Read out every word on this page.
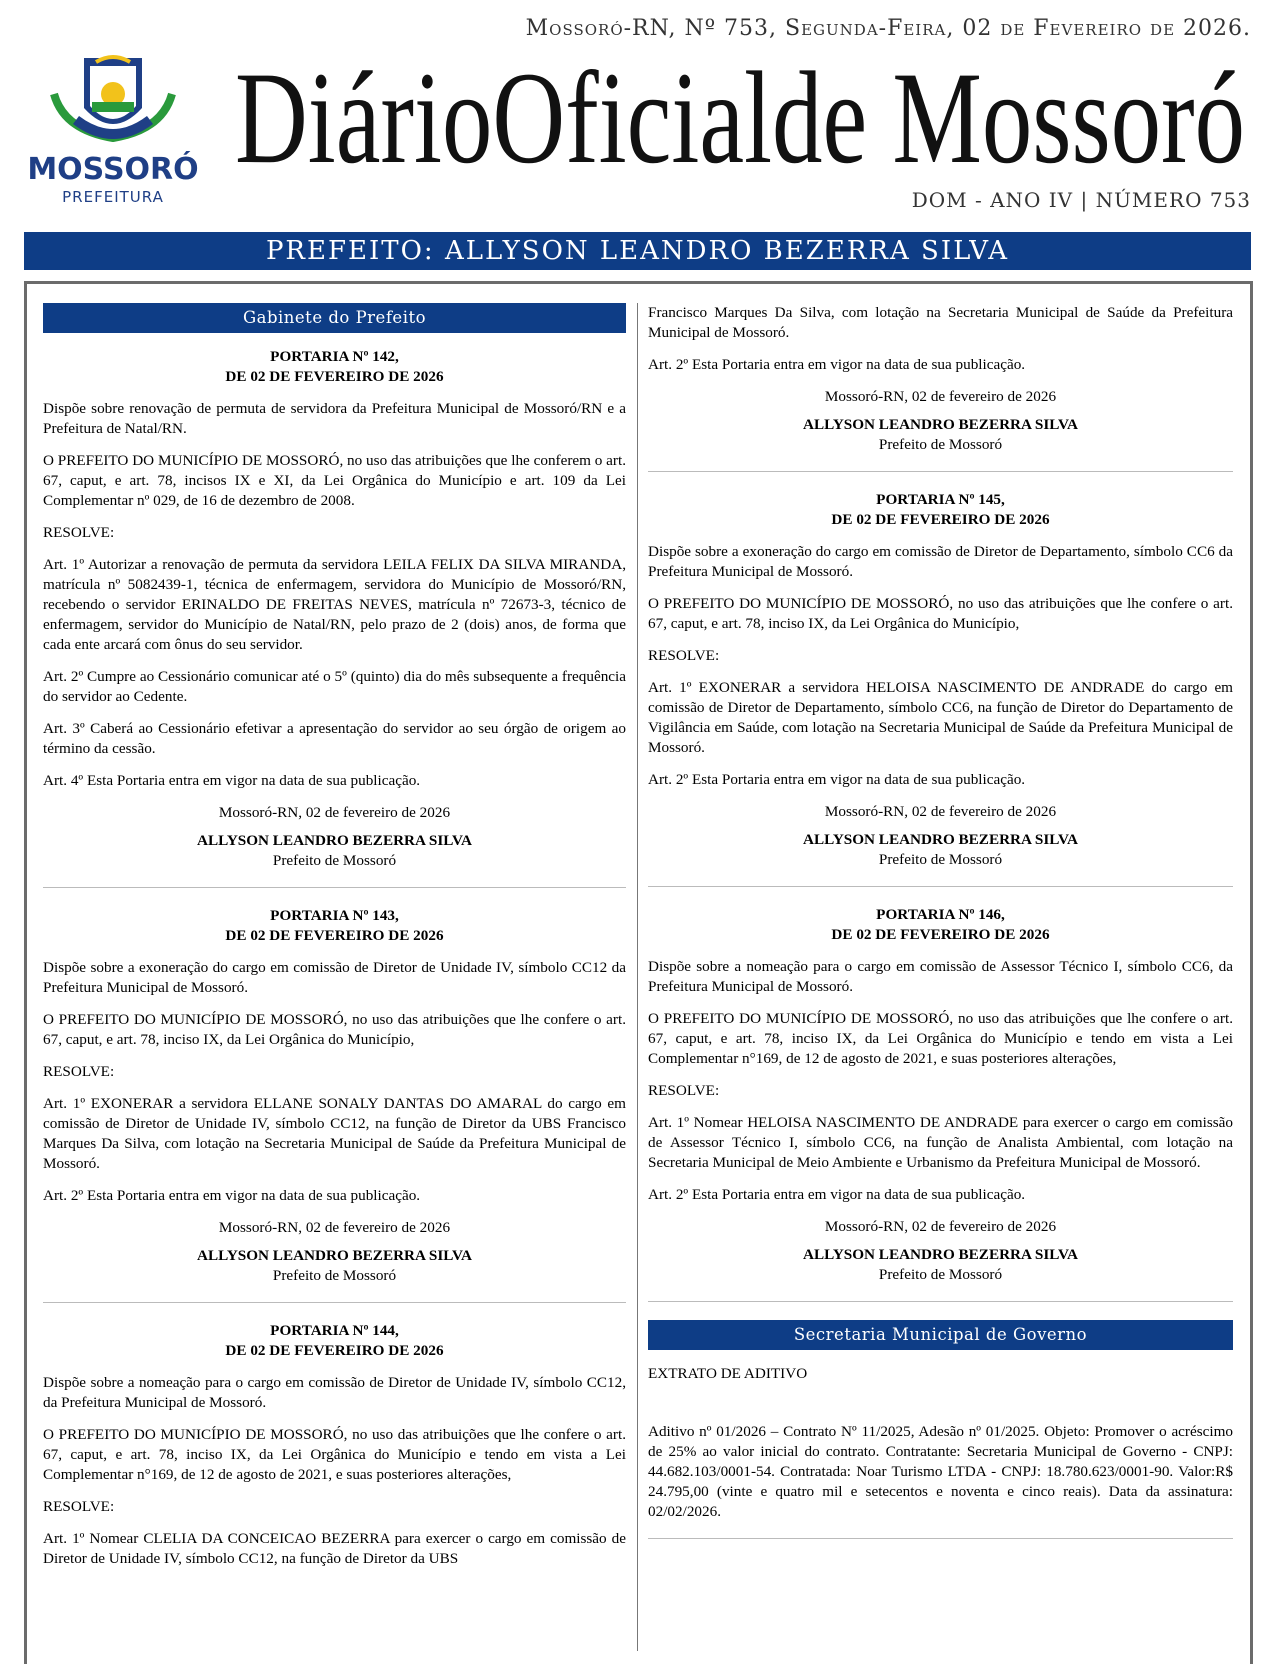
Mossoró-RN, Nº 753, Segunda-Feira, 02 de Fevereiro de 2026.
MOSSORÓ
PREFEITURA
DiárioOficialde Mossoró
DOM - ANO IV | NÚMERO 753
PREFEITO: ALLYSON LEANDRO BEZERRA SILVA
Gabinete do Prefeito
PORTARIA Nº 142,
DE 02 DE FEVEREIRO DE 2026

Dispõe sobre renovação de permuta de servidora da Prefeitura Municipal de Mossoró/RN e a Prefeitura de Natal/RN.

O PREFEITO DO MUNICÍPIO DE MOSSORÓ, no uso das atribuições que lhe conferem o art. 67, caput, e art. 78, incisos IX e XI, da Lei Orgânica do Município e art. 109 da Lei Complementar nº 029, de 16 de dezembro de 2008.

RESOLVE:

Art. 1º Autorizar a renovação de permuta da servidora LEILA FELIX DA SILVA MIRANDA, matrícula nº 5082439-1, técnica de enfermagem, servidora do Município de Mossoró/RN, recebendo o servidor ERINALDO DE FREITAS NEVES, matrícula nº 72673-3, técnico de enfermagem, servidor do Município de Natal/RN, pelo prazo de 2 (dois) anos, de forma que cada ente arcará com ônus do seu servidor.

Art. 2º Cumpre ao Cessionário comunicar até o 5º (quinto) dia do mês subsequente a frequência do servidor ao Cedente.

Art. 3º Caberá ao Cessionário efetivar a apresentação do servidor ao seu órgão de origem ao término da cessão.

Art. 4º Esta Portaria entra em vigor na data de sua publicação.

Mossoró-RN, 02 de fevereiro de 2026
ALLYSON LEANDRO BEZERRA SILVA
Prefeito de Mossoró
PORTARIA Nº 143,
DE 02 DE FEVEREIRO DE 2026

Dispõe sobre a exoneração do cargo em comissão de Diretor de Unidade IV, símbolo CC12 da Prefeitura Municipal de Mossoró.

O PREFEITO DO MUNICÍPIO DE MOSSORÓ, no uso das atribuições que lhe confere o art. 67, caput, e art. 78, inciso IX, da Lei Orgânica do Município,

RESOLVE:

Art. 1º EXONERAR a servidora ELLANE SONALY DANTAS DO AMARAL do cargo em comissão de Diretor de Unidade IV, símbolo CC12, na função de Diretor da UBS Francisco Marques Da Silva, com lotação na Secretaria Municipal de Saúde da Prefeitura Municipal de Mossoró.

Art. 2º Esta Portaria entra em vigor na data de sua publicação.

Mossoró-RN, 02 de fevereiro de 2026
ALLYSON LEANDRO BEZERRA SILVA
Prefeito de Mossoró
PORTARIA Nº 144,
DE 02 DE FEVEREIRO DE 2026

Dispõe sobre a nomeação para o cargo em comissão de Diretor de Unidade IV, símbolo CC12, da Prefeitura Municipal de Mossoró.

O PREFEITO DO MUNICÍPIO DE MOSSORÓ, no uso das atribuições que lhe confere o art. 67, caput, e art. 78, inciso IX, da Lei Orgânica do Município e tendo em vista a Lei Complementar n°169, de 12 de agosto de 2021, e suas posteriores alterações,

RESOLVE:

Art. 1º Nomear CLELIA DA CONCEICAO BEZERRA para exercer o cargo em comissão de Diretor de Unidade IV, símbolo CC12, na função de Diretor da UBS

Francisco Marques Da Silva, com lotação na Secretaria Municipal de Saúde da Prefeitura Municipal de Mossoró.

Art. 2º Esta Portaria entra em vigor na data de sua publicação.

Mossoró-RN, 02 de fevereiro de 2026
ALLYSON LEANDRO BEZERRA SILVA
Prefeito de Mossoró
PORTARIA Nº 145,
DE 02 DE FEVEREIRO DE 2026

Dispõe sobre a exoneração do cargo em comissão de Diretor de Departamento, símbolo CC6 da Prefeitura Municipal de Mossoró.

O PREFEITO DO MUNICÍPIO DE MOSSORÓ, no uso das atribuições que lhe confere o art. 67, caput, e art. 78, inciso IX, da Lei Orgânica do Município,

RESOLVE:

Art. 1º EXONERAR a servidora HELOISA NASCIMENTO DE ANDRADE do cargo em comissão de Diretor de Departamento, símbolo CC6, na função de Diretor do Departamento de Vigilância em Saúde, com lotação na Secretaria Municipal de Saúde da Prefeitura Municipal de Mossoró.

Art. 2º Esta Portaria entra em vigor na data de sua publicação.

Mossoró-RN, 02 de fevereiro de 2026
ALLYSON LEANDRO BEZERRA SILVA
Prefeito de Mossoró
PORTARIA Nº 146,
DE 02 DE FEVEREIRO DE 2026

Dispõe sobre a nomeação para o cargo em comissão de Assessor Técnico I, símbolo CC6, da Prefeitura Municipal de Mossoró.

O PREFEITO DO MUNICÍPIO DE MOSSORÓ, no uso das atribuições que lhe confere o art. 67, caput, e art. 78, inciso IX, da Lei Orgânica do Município e tendo em vista a Lei Complementar n°169, de 12 de agosto de 2021, e suas posteriores alterações,

RESOLVE:

Art. 1º Nomear HELOISA NASCIMENTO DE ANDRADE para exercer o cargo em comissão de Assessor Técnico I, símbolo CC6, na função de Analista Ambiental, com lotação na Secretaria Municipal de Meio Ambiente e Urbanismo da Prefeitura Municipal de Mossoró.

Art. 2º Esta Portaria entra em vigor na data de sua publicação.

Mossoró-RN, 02 de fevereiro de 2026
ALLYSON LEANDRO BEZERRA SILVA
Prefeito de Mossoró
Secretaria Municipal de Governo

EXTRATO DE ADITIVO

Aditivo nº 01/2026 – Contrato Nº 11/2025, Adesão nº 01/2025. Objeto: Promover o acréscimo de 25% ao valor inicial do contrato. Contratante: Secretaria Municipal de Governo - CNPJ: 44.682.103/0001-54. Contratada: Noar Turismo LTDA - CNPJ: 18.780.623/0001-90. Valor:R$ 24.795,00 (vinte e quatro mil e setecentos e noventa e cinco reais). Data da assinatura: 02/02/2026.
